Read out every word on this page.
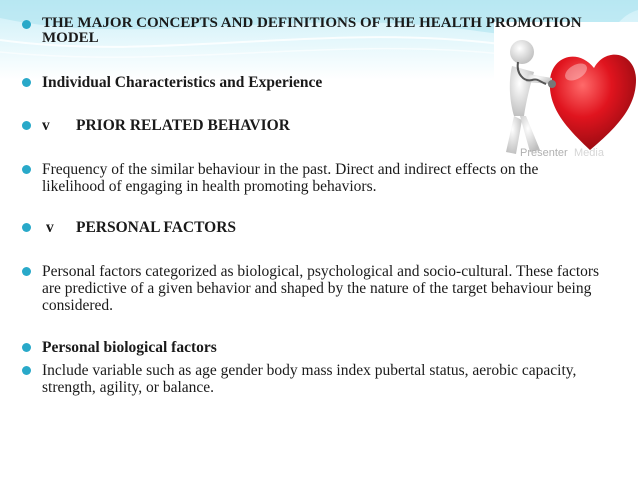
Presenter Media
THE MAJOR CONCEPTS AND DEFINITIONS OF THE HEALTH PROMOTION MODEL
Individual Characteristics and Experience
v PRIOR RELATED BEHAVIOR
Frequency of the similar behaviour in the past. Direct and indirect effects on the likelihood of engaging in health promoting behaviors.
v PERSONAL FACTORS
Personal factors categorized as biological, psychological and socio-cultural. These factors are predictive of a given behavior and shaped by the nature of the target behaviour being considered.
Personal biological factors
Include variable such as age gender body mass index pubertal status, aerobic capacity, strength, agility, or balance.
